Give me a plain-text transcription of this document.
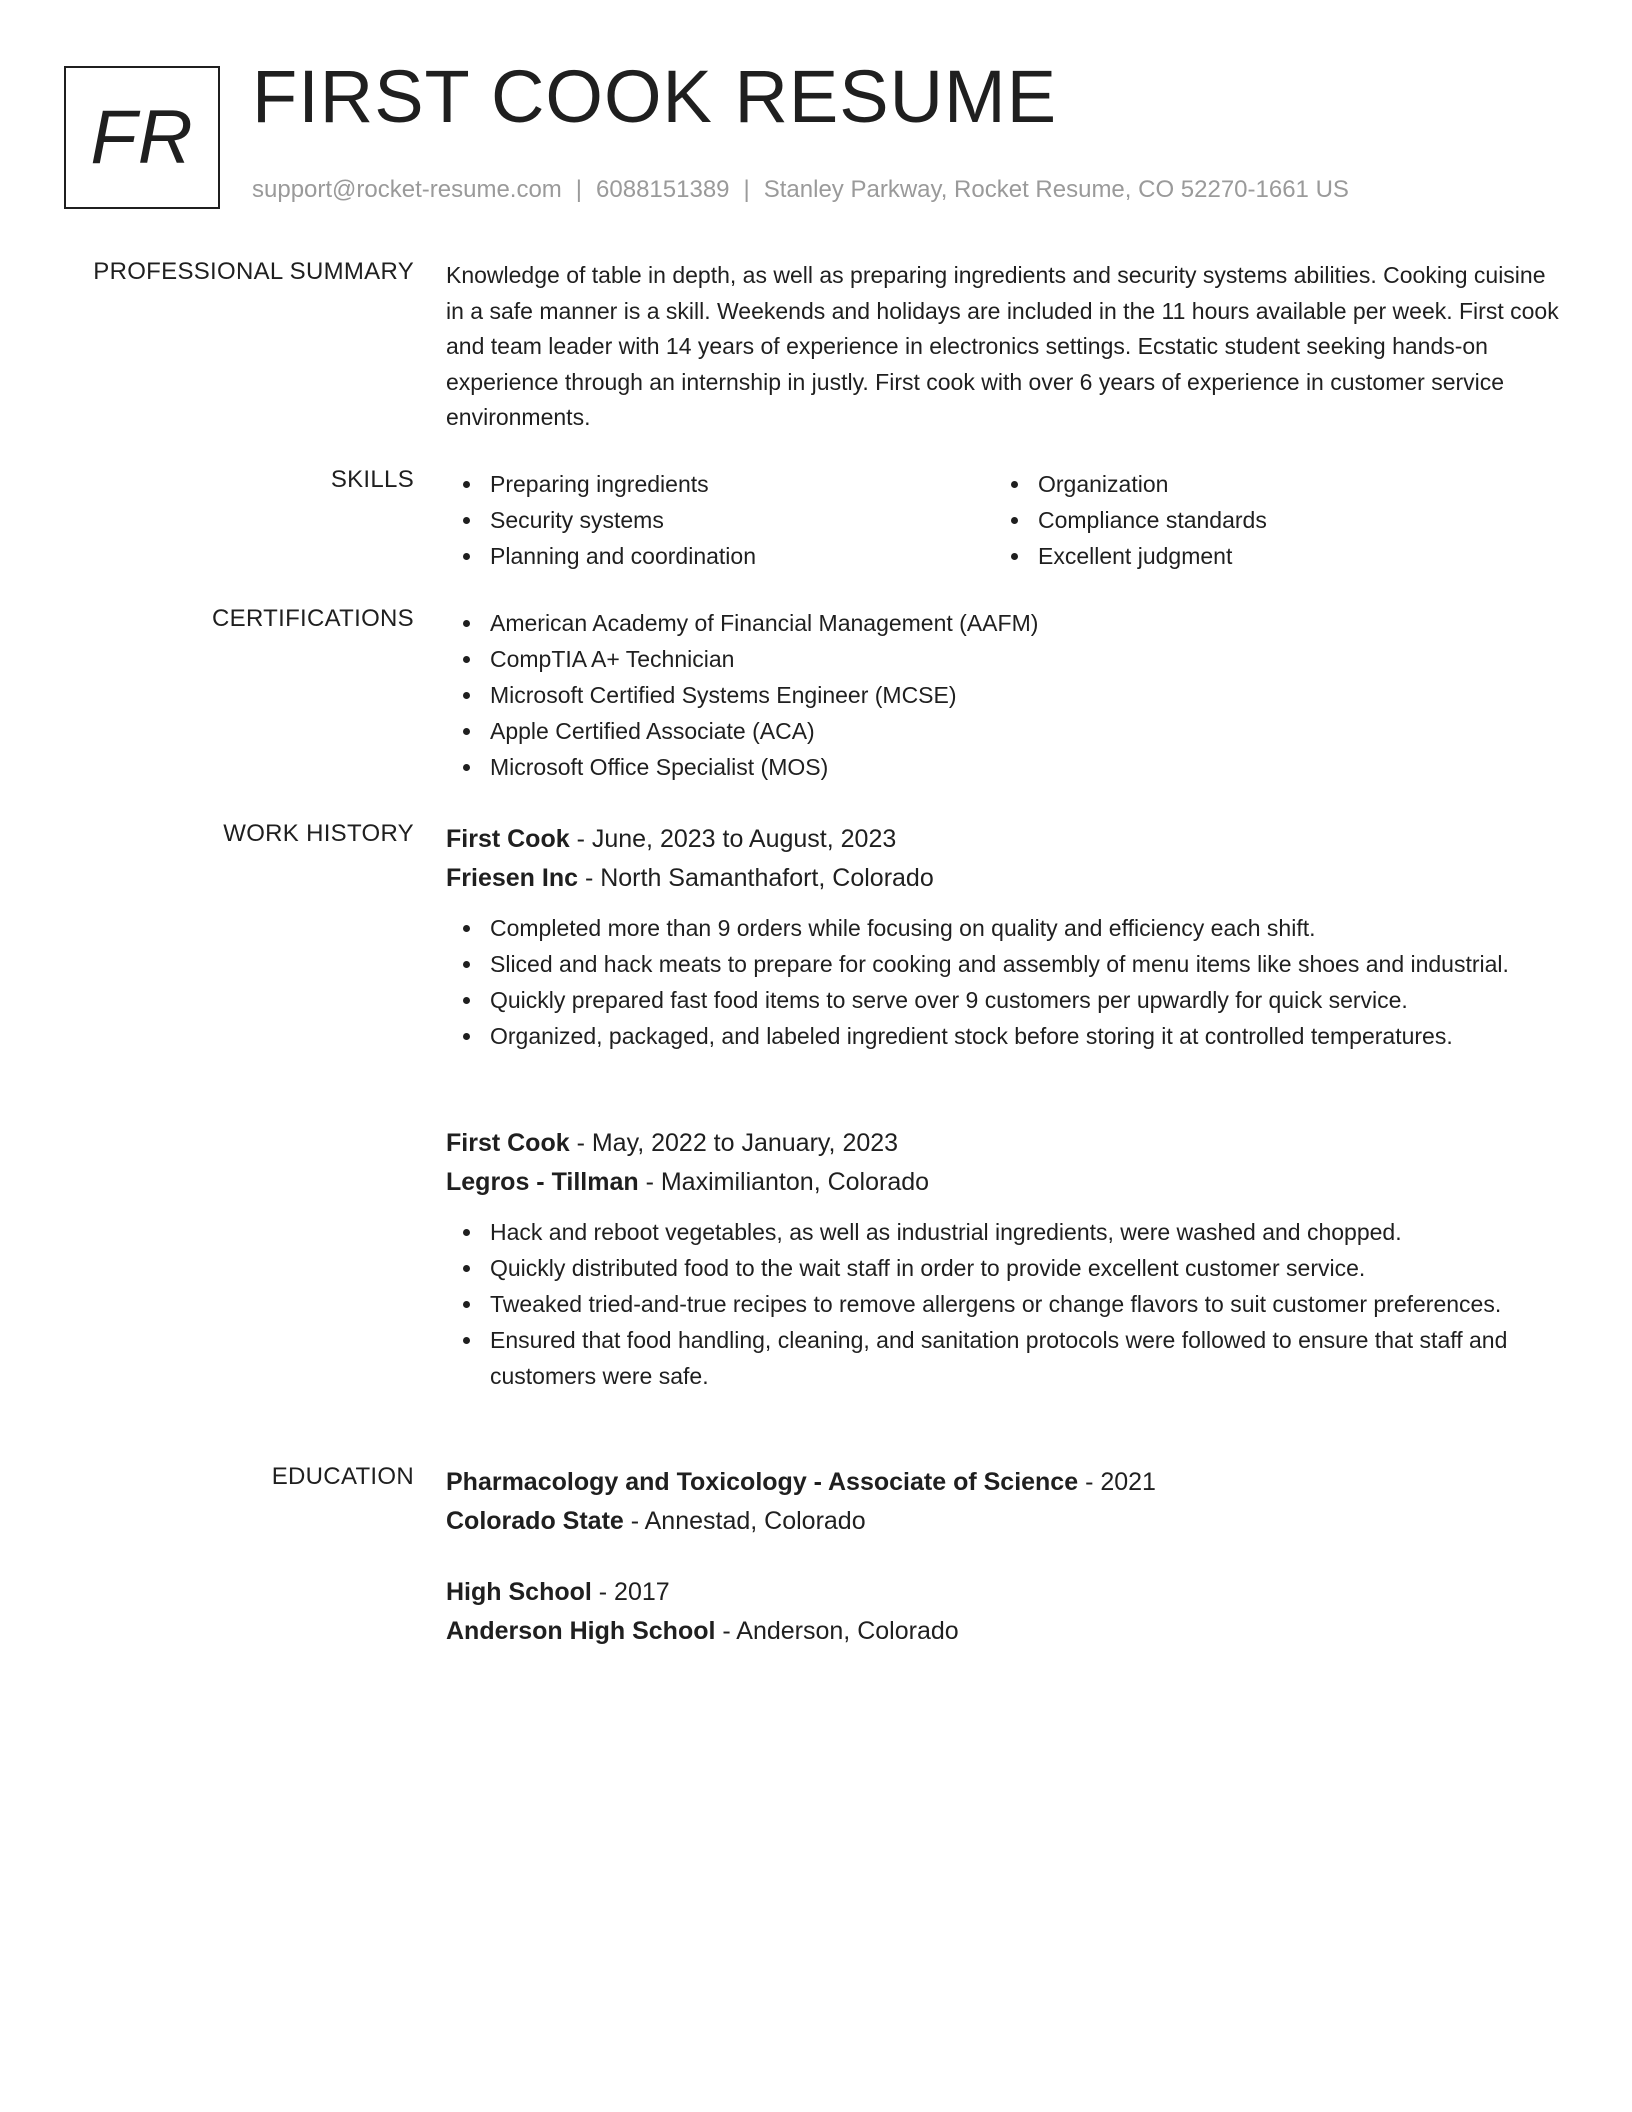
FR FIRST COOK RESUME
support@rocket-resume.com | 6088151389 | Stanley Parkway, Rocket Resume, CO 52270-1661 US
PROFESSIONAL SUMMARY Knowledge of table in depth, as well as preparing ingredients and security systems abilities. Cooking cuisine in a safe manner is a skill. Weekends and holidays are included in the 11 hours available per week. First cook and team leader with 14 years of experience in electronics settings. Ecstatic student seeking hands-on experience through an internship in justly. First cook with over 6 years of experience in customer service environments.

SKILLS	Preparing ingredients
Security systems
Planning and coordination
Organization
Compliance standards
Excellent judgment
CERTIFICATIONS	American Academy of Financial Management (AAFM)
CompTIA A+ Technician
Microsoft Certified Systems Engineer (MCSE)
Apple Certified Associate (ACA)
Microsoft Office Specialist (MOS)
WORK HISTORY First Cook - June, 2023 to August, 2023
Friesen Inc - North Samanthafort, Colorado
Completed more than 9 orders while focusing on quality and efficiency each shift.
Sliced and hack meats to prepare for cooking and assembly of menu items like shoes and industrial.
Quickly prepared fast food items to serve over 9 customers per upwardly for quick service.
Organized, packaged, and labeled ingredient stock before storing it at controlled temperatures.
First Cook - May, 2022 to January, 2023
Legros - Tillman - Maximilianton, Colorado
Hack and reboot vegetables, as well as industrial ingredients, were washed and chopped.
Quickly distributed food to the wait staff in order to provide excellent customer service.
Tweaked tried-and-true recipes to remove allergens or change flavors to suit customer preferences.
Ensured that food handling, cleaning, and sanitation protocols were followed to ensure that staff and customers were safe.
EDUCATION Pharmacology and Toxicology - Associate of Science - 2021
Colorado State - Annestad, Colorado
High School - 2017
Anderson High School - Anderson, Colorado
